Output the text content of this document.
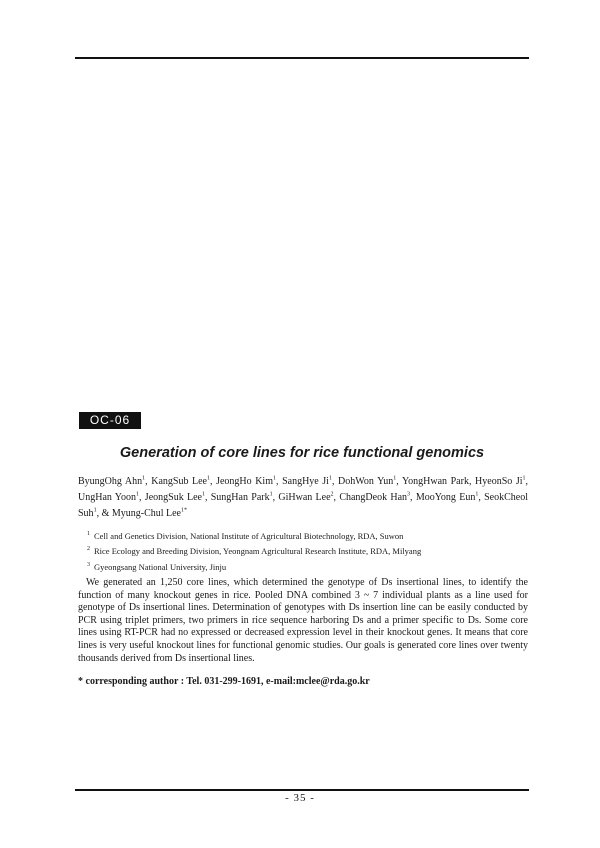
OC-06
Generation of core lines for rice functional genomics

ByungOhg Ahn$^1$, KangSub Lee$^1$, JeongHo Kim$^1$, SangHye Ji$^1$, DohWon Yun$^1$, YongHwan Park, HyeonSo Ji$^1$, UngHan Yoon$^1$, JeongSuk Lee$^1$, SungHan Park$^1$, GiHwan Lee$^2$, ChangDeok Han$^3$, MooYong Eun$^1$, SeokCheol Suh$^1$, & Myung-Chul Lee$^{1*}$

$^1$ Cell and Genetics Division, National Institute of Agricultural Biotechnology, RDA, Suwon
$^2$ Rice Ecology and Breeding Division, Yeongnam Agricultural Research Institute, RDA, Milyang
$^3$ Gyeongsang National University, Jinju

We generated an 1,250 core lines, which determined the genotype of Ds insertional lines, to identify the function of many knockout genes in rice. Pooled DNA combined 3 ~ 7 individual plants as a line used for genotype of Ds insertional lines. Determination of genotypes with Ds insertion line can be easily conducted by PCR using triplet primers, two primers in rice sequence harboring Ds and a primer specific to Ds. Some core lines using RT-PCR had no expressed or decreased expression level in their knockout genes. It means that core lines is very useful knockout lines for functional genomic studies. Our goals is generated core lines over twenty thousands derived from Ds insertional lines.

* corresponding author : Tel. 031-299-1691, e-mail:mclee@rda.go.kr

- 35 -
